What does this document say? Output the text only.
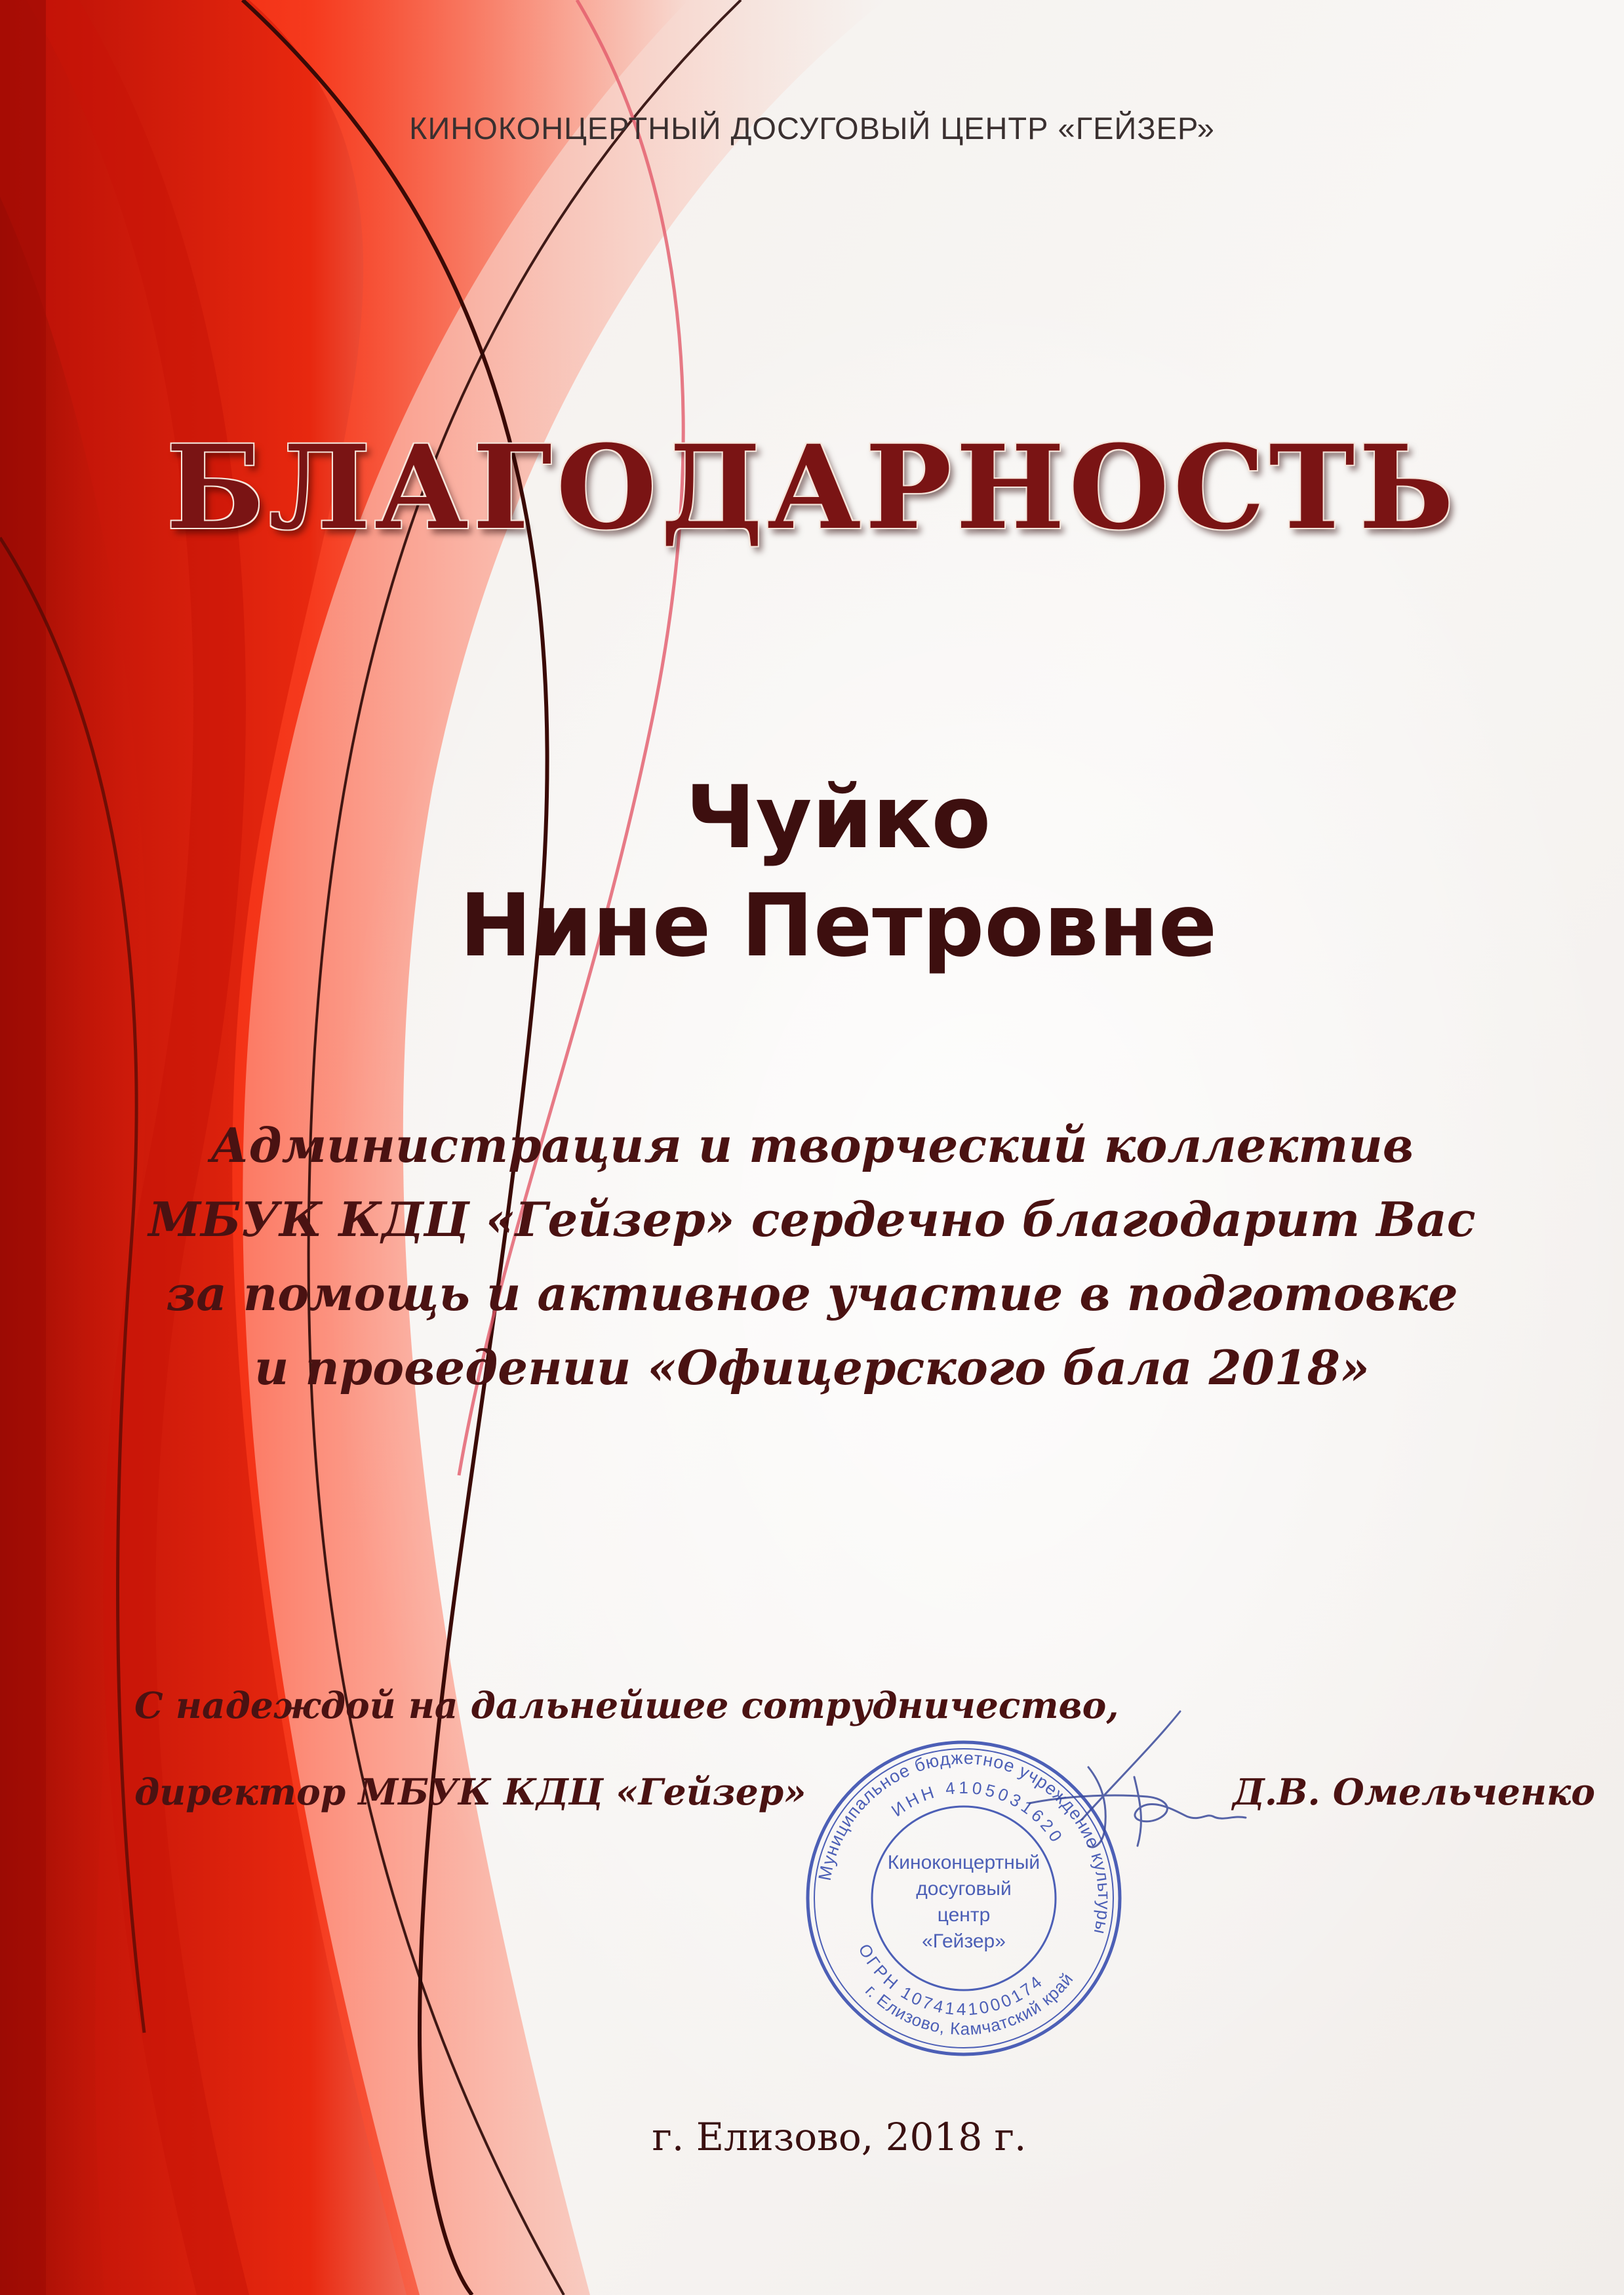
КИНОКОНЦЕРТНЫЙ ДОСУГОВЫЙ ЦЕНТР «ГЕЙЗЕР»

БЛАГОДАРНОСТЬ

Чуйко

Нине Петровне

Администрация и творческий коллектив
МБУК КДЦ «Гейзер» сердечно благодарит Вас
за помощь и активное участие в подготовке
и проведении «Офицерского бала 2018»

С надеждой на дальнейшее сотрудничество,

директор МБУК КДЦ «Гейзер»	Д.В. Омельченко

Муниципальное бюджетное учреждение культуры
ИНН 4105031620
ОГРН 1074141000174
г. Елизово, Камчатский край
Киноконцертный
досуговый
центр
«Гейзер»

г. Елизово, 2018 г.
